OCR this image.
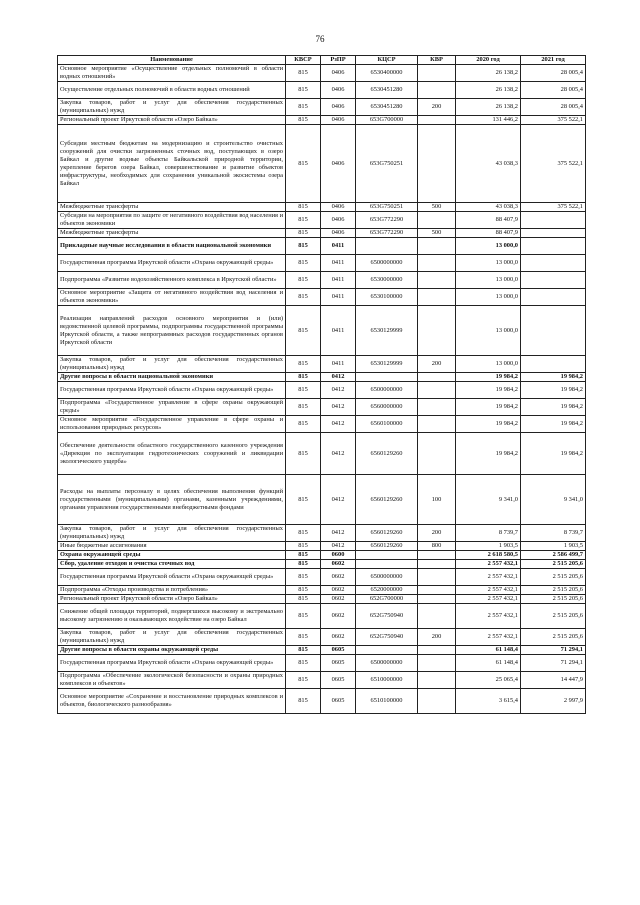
76
Наименование	КВСР	РзПР	КЦСР	КВР	2020 год	2021 год
Основное мероприятие «Осуществление отдельных полномочий в области водных отношений»	815	0406	6530400000		26 138,2	28 005,4
Осуществление отдельных полномочий в области водных отношений	815	0406	6530451280		26 138,2	28 005,4
Закупка товаров, работ и услуг для обеспечения государственных (муниципальных) нужд	815	0406	6530451280	200	26 138,2	28 005,4
Региональный проект Иркутской области «Озеро Байкал»	815	0406	653G700000		131 446,2	375 522,1
Субсидии местным бюджетам на модернизацию и строительство очистных сооружений для очистки загрязненных сточных вод, поступающих в озеро Байкал и другие водные объекты Байкальской природной территории, укрепление берегов озера Байкал, совершенствование и развитие объектов инфраструктуры, необходимых для сохранения уникальной экосистемы озера Байкал	815	0406	653G750251		43 038,3	375 522,1
Межбюджетные трансферты	815	0406	653G750251	500	43 038,3	375 522,1
Субсидии на мероприятия по защите от негативного воздействия вод населения и объектов экономики	815	0406	653G772290		88 407,9	
Межбюджетные трансферты	815	0406	653G772290	500	88 407,9	
Прикладные научные исследования в области национальной экономики	815	0411			13 000,0	
Государственная программа Иркутской области «Охрана окружающей среды»	815	0411	6500000000		13 000,0	
Подпрограмма «Развитие водохозяйственного комплекса в Иркутской области»	815	0411	6530000000		13 000,0	
Основное мероприятие «Защита от негативного воздействия вод населения и объектов экономики»	815	0411	6530100000		13 000,0	
Реализация направлений расходов основного мероприятия и (или) ведомственной целевой программы, подпрограммы государственной программы Иркутской области, а также непрограммных расходов государственных органов Иркутской области	815	0411	6530129999		13 000,0	
Закупка товаров, работ и услуг для обеспечения государственных (муниципальных) нужд	815	0411	6530129999	200	13 000,0	
Другие вопросы в области национальной экономики	815	0412			19 984,2	19 984,2
Государственная программа Иркутской области «Охрана окружающей среды»	815	0412	6500000000		19 984,2	19 984,2
Подпрограмма «Государственное управление в сфере охраны окружающей среды»	815	0412	6560000000		19 984,2	19 984,2
Основное мероприятие «Государственное управление в сфере охраны и использования природных ресурсов»	815	0412	6560100000		19 984,2	19 984,2
Обеспечение деятельности областного государственного казенного учреждения «Дирекция по эксплуатации гидротехнических сооружений и ликвидации экологического ущерба»	815	0412	6560129260		19 984,2	19 984,2
Расходы на выплаты персоналу в целях обеспечения выполнения функций государственными (муниципальными) органами, казенными учреждениями, органами управления государственными внебюджетными фондами	815	0412	6560129260	100	9 341,0	9 341,0
Закупка товаров, работ и услуг для обеспечения государственных (муниципальных) нужд	815	0412	6560129260	200	8 739,7	8 739,7
Иные бюджетные ассигнования	815	0412	6560129260	800	1 903,5	1 903,5
Охрана окружающей среды	815	0600			2 618 580,5	2 586 499,7
Сбор, удаление отходов и очистка сточных вод	815	0602			2 557 432,1	2 515 205,6
Государственная программа Иркутской области «Охрана окружающей среды»	815	0602	6500000000		2 557 432,1	2 515 205,6
Подпрограмма «Отходы производства и потребления»	815	0602	6520000000		2 557 432,1	2 515 205,6
Региональный проект Иркутской области «Озеро Байкал»	815	0602	652G700000		2 557 432,1	2 515 205,6
Снижение общей площади территорий, подвергшихся высокому и экстремально высокому загрязнению и оказывающих воздействие на озеро Байкал	815	0602	652G750940		2 557 432,1	2 515 205,6
Закупка товаров, работ и услуг для обеспечения государственных (муниципальных) нужд	815	0602	652G750940	200	2 557 432,1	2 515 205,6
Другие вопросы в области охраны окружающей среды	815	0605			61 148,4	71 294,1
Государственная программа Иркутской области «Охрана окружающей среды»	815	0605	6500000000		61 148,4	71 294,1
Подпрограмма «Обеспечение экологической безопасности и охраны природных комплексов и объектов»	815	0605	6510000000		25 065,4	14 447,9
Основное мероприятие «Сохранение и восстановление природных комплексов и объектов, биологического разнообразия»	815	0605	6510100000		3 615,4	2 997,9
